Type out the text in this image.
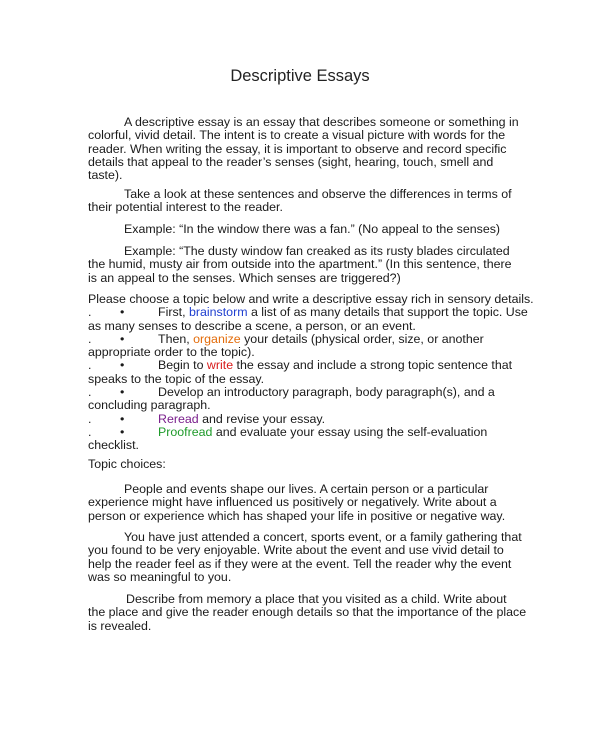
Descriptive Essays
A descriptive essay is an essay that describes someone or something in
colorful, vivid detail. The intent is to create a visual picture with words for the
reader. When writing the essay, it is important to observe and record specific
details that appeal to the reader’s senses (sight, hearing, touch, smell and
taste).
Take a look at these sentences and observe the differences in terms of
their potential interest to the reader.
Example: “In the window there was a fan.” (No appeal to the senses)
Example: “The dusty window fan creaked as its rusty blades circulated
the humid, musty air from outside into the apartment.” (In this sentence, there
is an appeal to the senses. Which senses are triggered?)
Please choose a topic below and write a descriptive essay rich in sensory details.
. •	First, brainstorm a list of as many details that support the topic. Use
as many senses to describe a scene, a person, or an event.
. •	Then, organize your details (physical order, size, or another
appropriate order to the topic).
. •	Begin to write the essay and include a strong topic sentence that
speaks to the topic of the essay.
. •	Develop an introductory paragraph, body paragraph(s), and a
concluding paragraph.
. •	Reread and revise your essay.
. •	Proofread and evaluate your essay using the self-evaluation
checklist.
Topic choices:
People and events shape our lives. A certain person or a particular
experience might have influenced us positively or negatively. Write about a
person or experience which has shaped your life in positive or negative way.
You have just attended a concert, sports event, or a family gathering that
you found to be very enjoyable. Write about the event and use vivid detail to
help the reader feel as if they were at the event. Tell the reader why the event
was so meaningful to you.
Describe from memory a place that you visited as a child. Write about
the place and give the reader enough details so that the importance of the place
is revealed.
